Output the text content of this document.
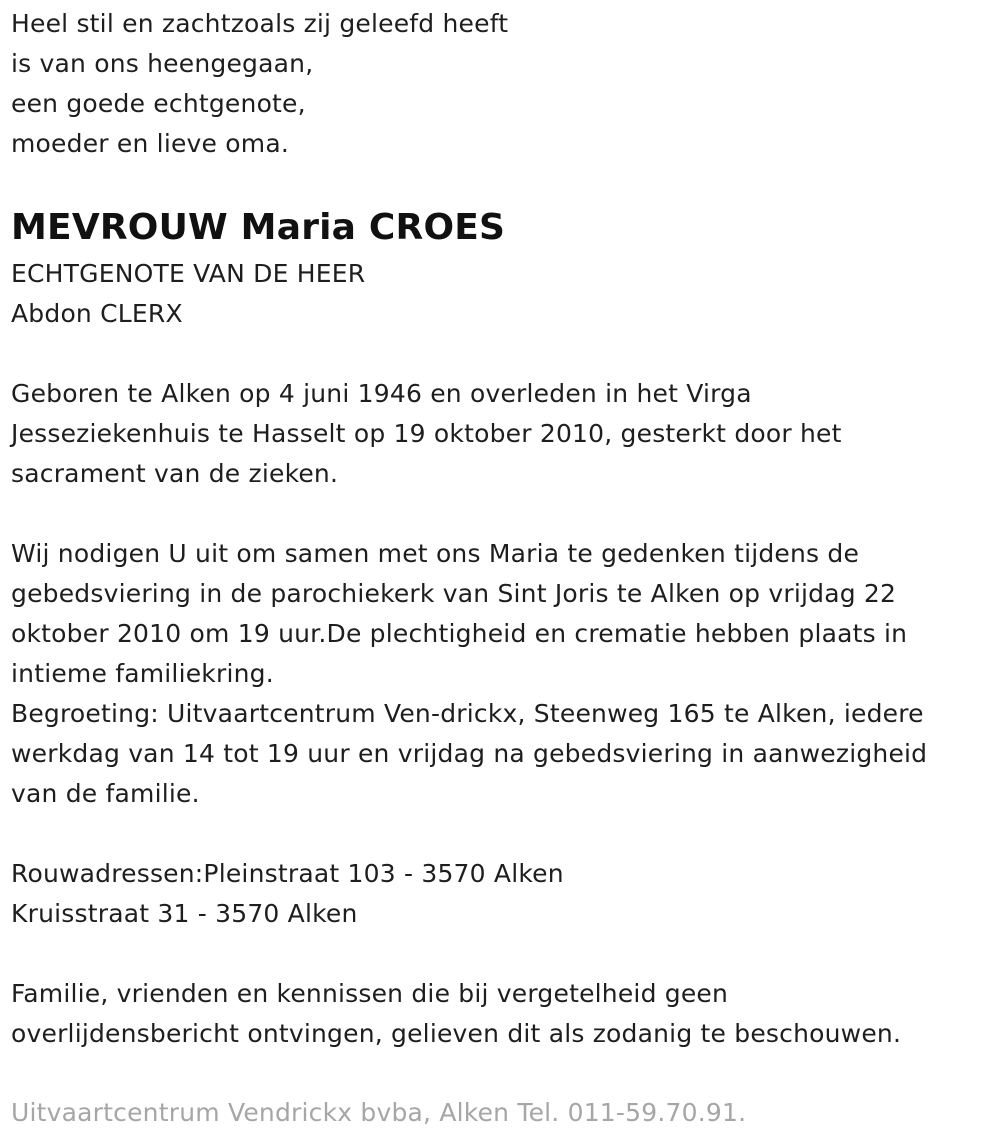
Heel stil en zachtzoals zij geleefd heeft
is van ons heengegaan,
een goede echtgenote,
moeder en lieve oma.
MEVROUW Maria CROES
ECHTGENOTE VAN DE HEER
Abdon CLERX
Geboren te Alken op 4 juni 1946 en overleden in het Virga
Jesseziekenhuis te Hasselt op 19 oktober 2010, gesterkt door het
sacrament van de zieken.
Wij nodigen U uit om samen met ons Maria te gedenken tijdens de
gebedsviering in de parochiekerk van Sint Joris te Alken op vrijdag 22
oktober 2010 om 19 uur.De plechtigheid en crematie hebben plaats in
intieme familiekring.
Begroeting: Uitvaartcentrum Ven-drickx, Steenweg 165 te Alken, iedere
werkdag van 14 tot 19 uur en vrijdag na gebedsviering in aanwezigheid
van de familie.
Rouwadressen:Pleinstraat 103 - 3570 Alken
Kruisstraat 31 - 3570 Alken
Familie, vrienden en kennissen die bij vergetelheid geen
overlijdensbericht ontvingen, gelieven dit als zodanig te beschouwen.
Uitvaartcentrum Vendrickx bvba, Alken Tel. 011-59.70.91.
